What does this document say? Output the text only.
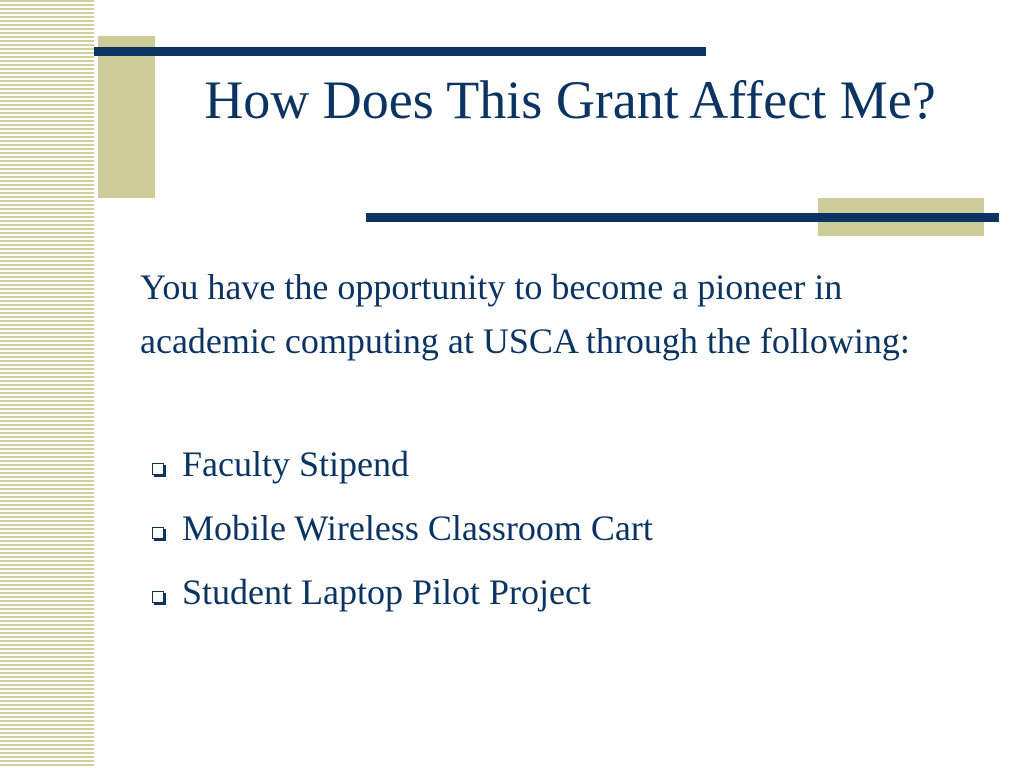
How Does This Grant Affect Me?

You have the opportunity to become a pioneer in academic computing at USCA through the following:

Faculty Stipend
Mobile Wireless Classroom Cart
Student Laptop Pilot Project
